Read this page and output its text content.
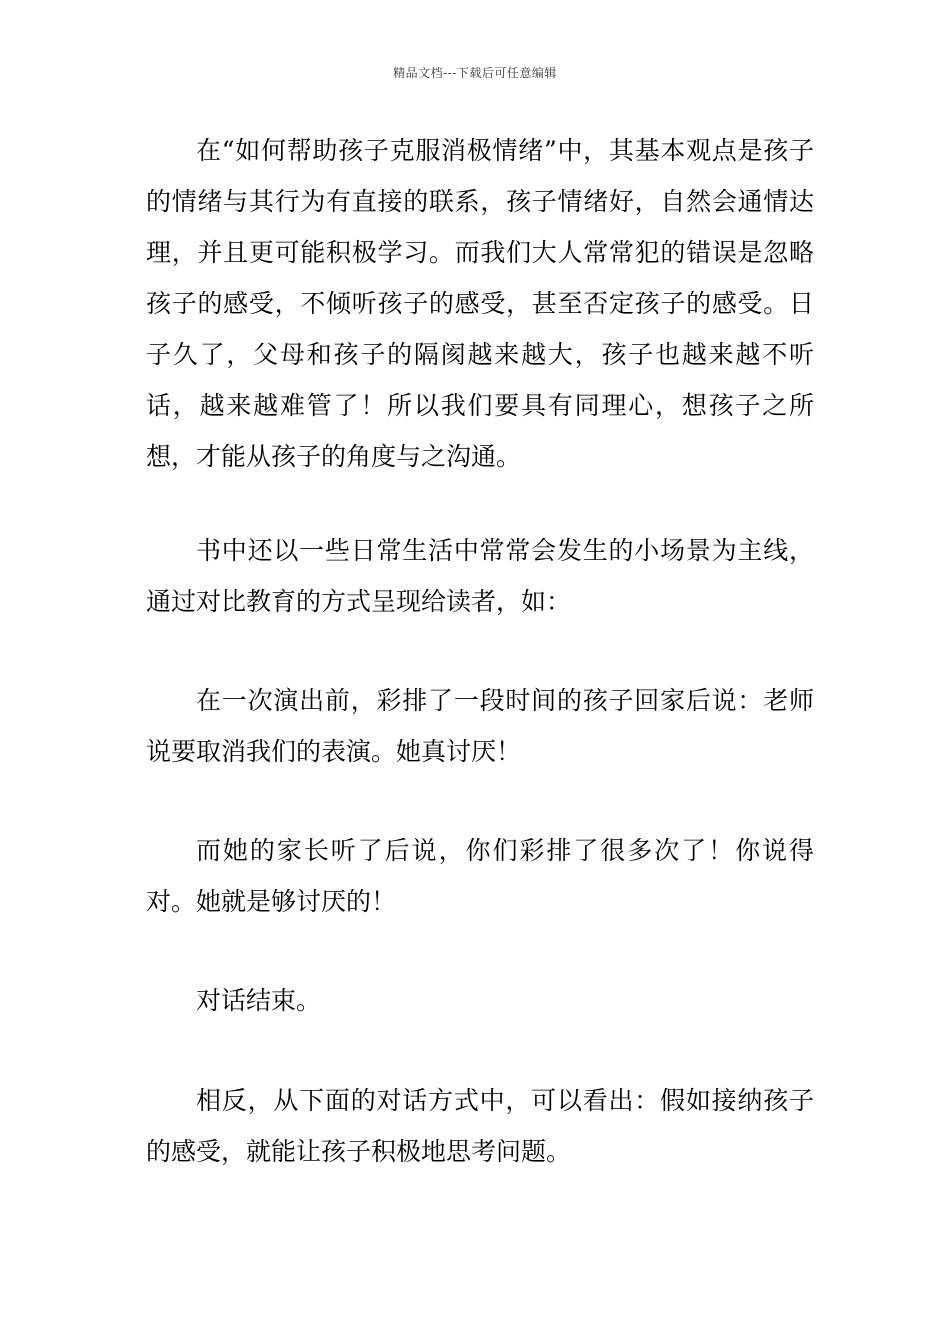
精品文档---下载后可任意编辑

在“如何帮助孩子克服消极情绪”中，其基本观点是孩子的情绪与其行为有直接的联系，孩子情绪好，自然会通情达理，并且更可能积极学习。而我们大人常常犯的错误是忽略孩子的感受，不倾听孩子的感受，甚至否定孩子的感受。日子久了，父母和孩子的隔阂越来越大，孩子也越来越不听话，越来越难管了！所以我们要具有同理心，想孩子之所想，才能从孩子的角度与之沟通。

书中还以一些日常生活中常常会发生的小场景为主线，通过对比教育的方式呈现给读者，如：

在一次演出前，彩排了一段时间的孩子回家后说：老师说要取消我们的表演。她真讨厌！

而她的家长听了后说，你们彩排了很多次了！你说得对。她就是够讨厌的！

对话结束。

相反，从下面的对话方式中，可以看出：假如接纳孩子的感受，就能让孩子积极地思考问题。
